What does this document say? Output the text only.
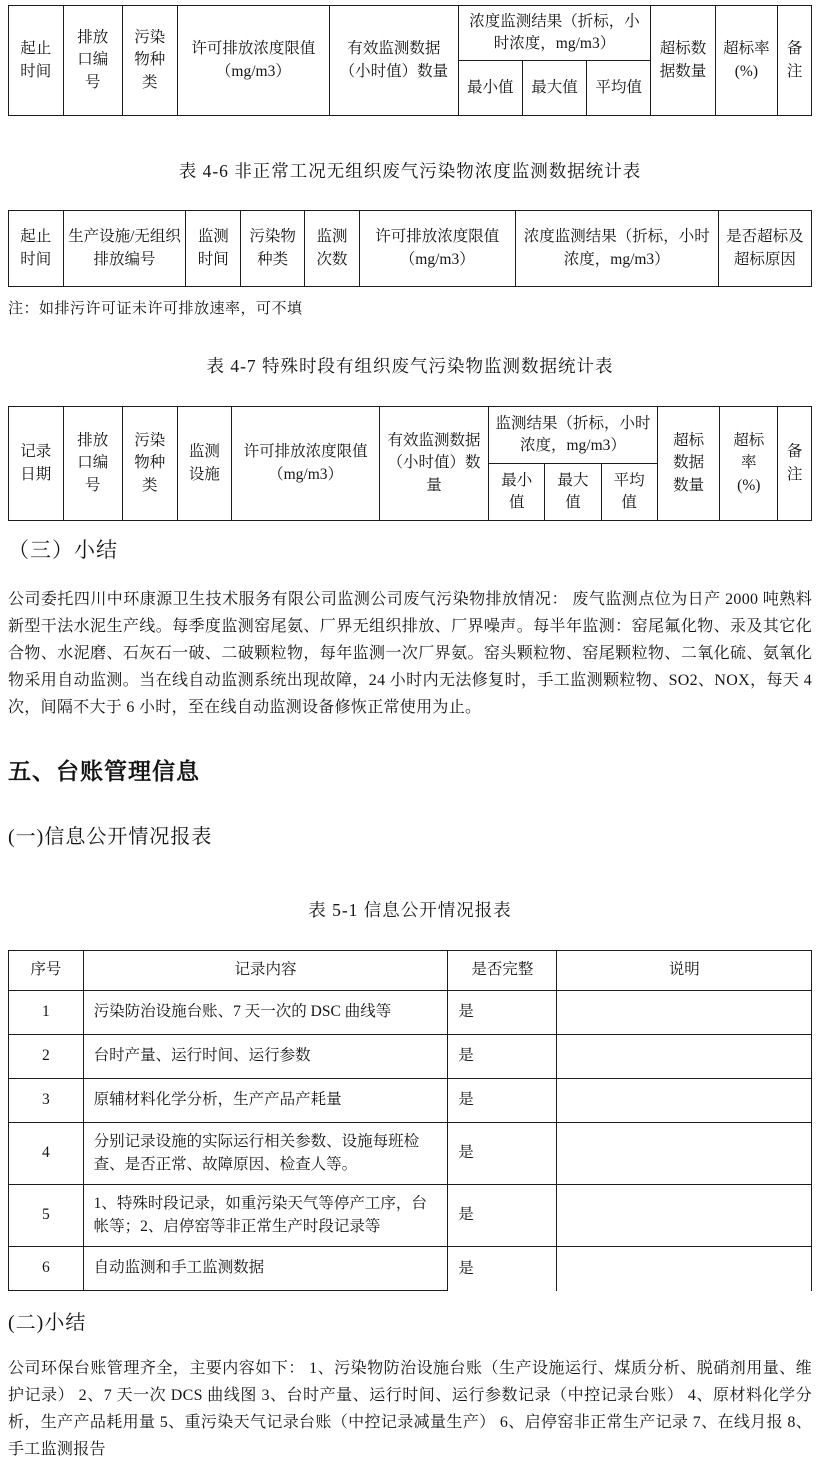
起止时间	排放口编号	污染物种类	许可排放浓度限值（mg/m3）	有效监测数据（小时值）数量	浓度监测结果（折标，小时浓度，mg/m3）			超标数据数量	超标率(%)	备注
					最小值	最大值	平均值			
表 4-6 非正常工况无组织废气污染物浓度监测数据统计表
起止时间	生产设施/无组织排放编号	监测时间	污染物种类	监测次数	许可排放浓度限值（mg/m3）	浓度监测结果（折标，小时浓度，mg/m3）	是否超标及超标原因
注：如排污许可证未许可排放速率，可不填
表 4-7 特殊时段有组织废气污染物监测数据统计表
记录日期	排放口编号	污染物种类	监测设施	许可排放浓度限值（mg/m3）	有效监测数据（小时值）数量	监测结果（折标，小时浓度，mg/m3）			超标数据数量	超标率(%)	备注
						最小值	最大值	平均值			
（三）小结

公司委托四川中环康源卫生技术服务有限公司监测公司废气污染物排放情况： 废气监测点位为日产 2000 吨熟料新型干法水泥生产线。每季度监测窑尾氨、厂界无组织排放、厂界噪声。每半年监测：窑尾氟化物、汞及其它化合物、水泥磨、石灰石一破、二破颗粒物，每年监测一次厂界氨。窑头颗粒物、窑尾颗粒物、二氧化硫、氨氧化物采用自动监测。当在线自动监测系统出现故障，24 小时内无法修复时，手工监测颗粒物、SO2、NOX，每天 4 次，间隔不大于 6 小时，至在线自动监测设备修恢正常使用为止。

五、台账管理信息
(一)信息公开情况报表
表 5-1 信息公开情况报表
序号	记录内容	是否完整	说明
1	污染防治设施台账、7 天一次的 DSC 曲线等	是	
2	台时产量、运行时间、运行参数	是	
3	原辅材料化学分析，生产产品产耗量	是	
4	分别记录设施的实际运行相关参数、设施每班检查、是否正常、故障原因、检查人等。	是	
5	1、特殊时段记录，如重污染天气等停产工序，台帐等；2、启停窑等非正常生产时段记录等	是	
6	自动监测和手工监测数据	是	
(二)小结

公司环保台账管理齐全，主要内容如下： 1、污染物防治设施台账（生产设施运行、煤质分析、脱硝剂用量、维护记录） 2、7 天一次 DCS 曲线图 3、台时产量、运行时间、运行参数记录（中控记录台账） 4、原材料化学分析，生产产品耗用量 5、重污染天气记录台账（中控记录减量生产） 6、启停窑非正常生产记录 7、在线月报 8、手工监测报告
